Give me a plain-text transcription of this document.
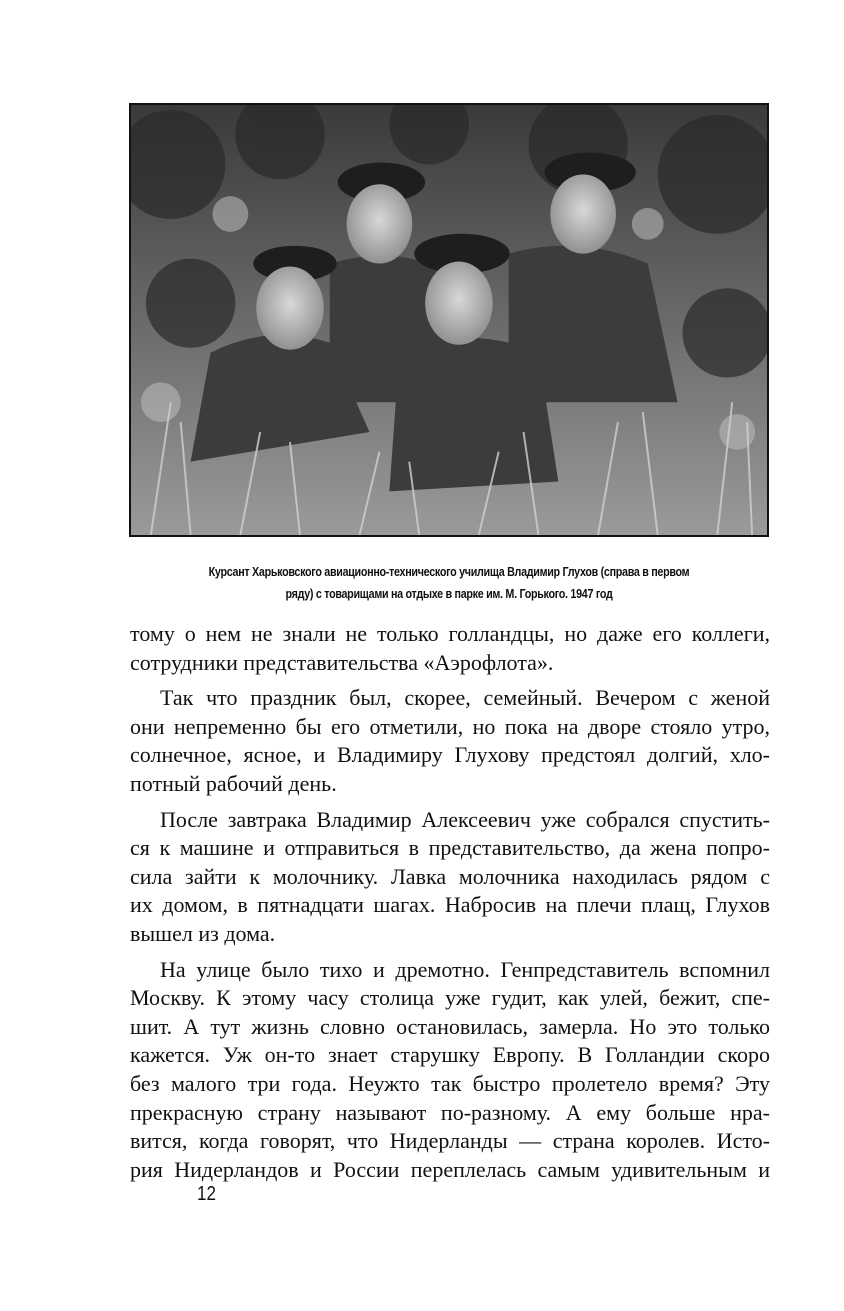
Курсант Харьковского авиационно-технического училища Владимир Глухов (справа в первом
ряду) с товарищами на отдыхе в парке им. М. Горького. 1947 год
тому о нем не знали не только голландцы, но даже его коллеги,
сотрудники представительства «Аэрофлота».
Так что праздник был, скорее, семейный. Вечером с женой
они непременно бы его отметили, но пока на дворе стояло утро,
солнечное, ясное, и Владимиру Глухову предстоял долгий, хло-
потный рабочий день.
После завтрака Владимир Алексеевич уже собрался спустить-
ся к машине и отправиться в представительство, да жена попро-
сила зайти к молочнику. Лавка молочника находилась рядом с
их домом, в пятнадцати шагах. Набросив на плечи плащ, Глухов
вышел из дома.
На улице было тихо и дремотно. Генпредставитель вспомнил
Москву. К этому часу столица уже гудит, как улей, бежит, спе-
шит. А тут жизнь словно остановилась, замерла. Но это только
кажется. Уж он-то знает старушку Европу. В Голландии скоро
без малого три года. Неужто так быстро пролетело время? Эту
прекрасную страну называют по-разному. А ему больше нра-
вится, когда говорят, что Нидерланды — страна королев. Исто-
рия Нидерландов и России переплелась самым удивительным и
12
